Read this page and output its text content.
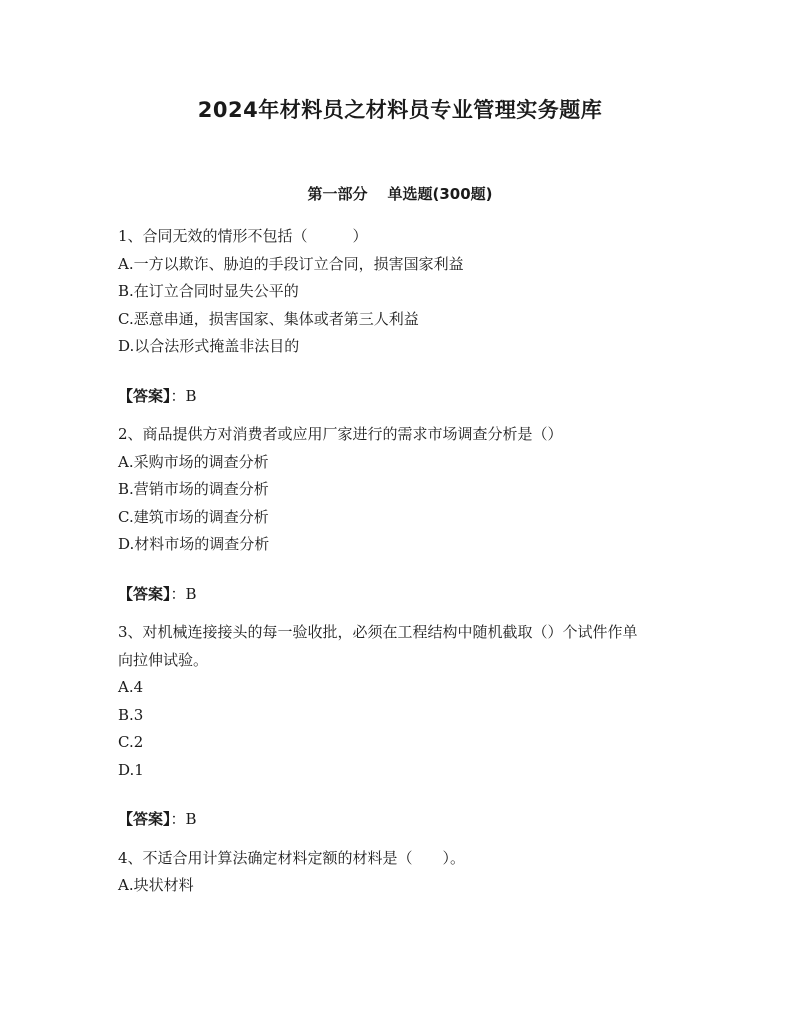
2024年材料员之材料员专业管理实务题库
第一部分 单选题(300题)
1、合同无效的情形不包括（　　　）
A.一方以欺诈、胁迫的手段订立合同，损害国家利益
B.在订立合同时显失公平的
C.恶意串通，损害国家、集体或者第三人利益
D.以合法形式掩盖非法目的
【答案】：B
2、商品提供方对消费者或应用厂家进行的需求市场调查分析是（）
A.采购市场的调查分析
B.营销市场的调查分析
C.建筑市场的调查分析
D.材料市场的调查分析
【答案】：B
3、对机械连接接头的每一验收批，必须在工程结构中随机截取（）个试件作单向拉伸试验。
A.4
B.3
C.2
D.1
【答案】：B
4、不适合用计算法确定材料定额的材料是（　　）。
A.块状材料
